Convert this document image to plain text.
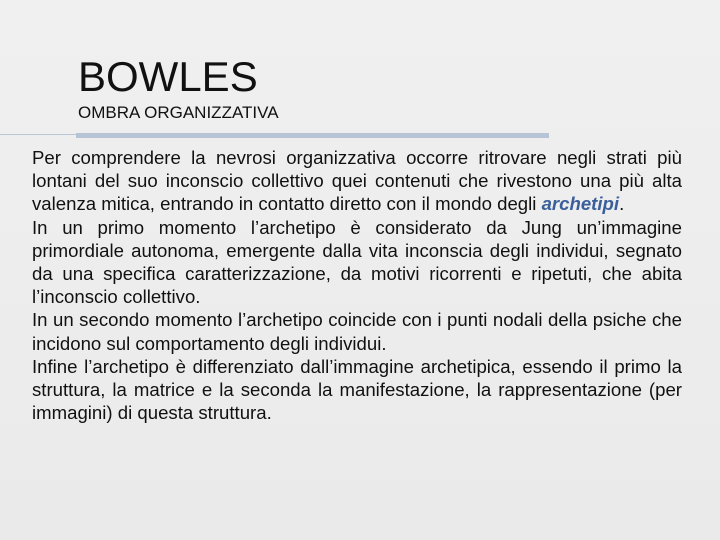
BOWLES
OMBRA ORGANIZZATIVA

Per comprendere la nevrosi organizzativa occorre ritrovare negli strati più lontani del suo inconscio collettivo quei contenuti che rivestono una più alta valenza mitica, entrando in contatto diretto con il mondo degli archetipi.

In un primo momento l’archetipo è considerato da Jung un’immagine primordiale autonoma, emergente dalla vita inconscia degli individui, segnato da una specifica caratterizzazione, da motivi ricorrenti e ripetuti, che abita l’inconscio collettivo.

In un secondo momento l’archetipo coincide con i punti nodali della psiche che incidono sul comportamento degli individui.

Infine l’archetipo è differenziato dall’immagine archetipica, essendo il primo la struttura, la matrice e la seconda la manifestazione, la rappresentazione (per immagini) di questa struttura.
